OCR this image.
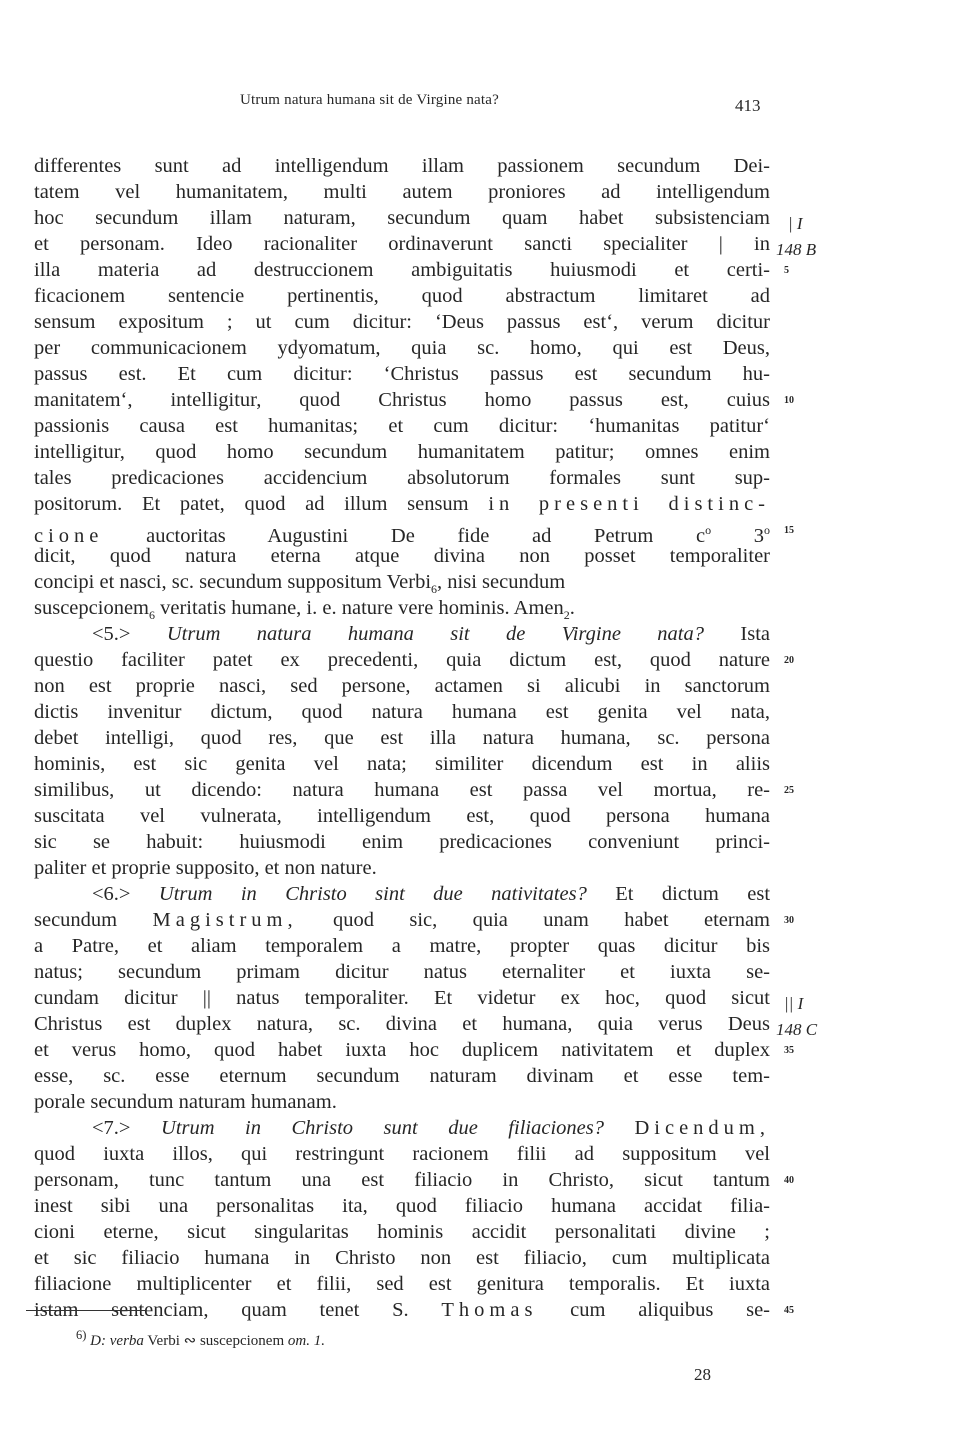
Utrum natura humana sit de Virgine nata?	413
differentes sunt ad intelligendum illam passionem secundum Dei-
tatem vel humanitatem, multi autem proniores ad intelligendum
hoc secundum illam naturam, secundum quam habet subsistenciam
et personam. Ideo racionaliter ordinaverunt sancti specialiter | in
illa materia ad destruccionem ambiguitatis huiusmodi et certi-
ficacionem sentencie pertinentis, quod abstractum limitaret ad
sensum expositum ; ut cum dicitur: ‘Deus passus est‘, verum dicitur
per communicacionem ydyomatum, quia sc. homo, qui est Deus,
passus est. Et cum dicitur: ‘Christus passus est secundum hu-
manitatem‘, intelligitur, quod Christus homo passus est, cuius
passionis causa est humanitas; et cum dicitur: ‘humanitas patitur‘
intelligitur, quod homo secundum humanitatem patitur; omnes enim
tales predicaciones accidencium absolutorum formales sunt sup-
positorum. Et patet, quod ad illum sensum in presenti distinc-
cione auctoritas Augustini De fide ad Petrum $c^o$ 3$^o$
dicit, quod natura eterna atque divina non posset temporaliter
concipi et nasci, sc. secundum suppositum Verbi$_6$, nisi secundum
suscepcionem$_6$ veritatis humane, i. e. nature vere hominis. Amen$_2$.
<5.> Utrum natura humana sit de Virgine nata? Ista
questio faciliter patet ex precedenti, quia dictum est, quod nature
non est proprie nasci, sed persone, actamen si alicubi in sanctorum
dictis invenitur dictum, quod natura humana est genita vel nata,
debet intelligi, quod res, que est illa natura humana, sc. persona
hominis, est sic genita vel nata; similiter dicendum est in aliis
similibus, ut dicendo: natura humana est passa vel mortua, re-
suscitata vel vulnerata, intelligendum est, quod persona humana
sic se habuit: huiusmodi enim predicaciones conveniunt princi-
paliter et proprie supposito, et non nature.
<6.> Utrum in Christo sint due nativitates? Et dictum est
secundum Magistrum, quod sic, quia unam habet eternam
a Patre, et aliam temporalem a matre, propter quas dicitur bis
natus; secundum primam dicitur natus eternaliter et iuxta se-
cundam dicitur || natus temporaliter. Et videtur ex hoc, quod sicut
Christus est duplex natura, sc. divina et humana, quia verus Deus
et verus homo, quod habet iuxta hoc duplicem nativitatem et duplex
esse, sc. esse eternum secundum naturam divinam et esse tem-
porale secundum naturam humanam.
<7.> Utrum in Christo sunt due filiaciones? Dicendum,
quod iuxta illos, qui restringunt racionem filii ad suppositum vel
personam, tunc tantum una est filiacio in Christo, sicut tantum
inest sibi una personalitas ita, quod filiacio humana accidat filia-
cioni eterne, sicut singularitas hominis accidit personalitati divine ;
et sic filiacio humana in Christo non est filiacio, cum multiplicata
filiacione multiplicenter et filii, sed est genitura temporalis. Et iuxta
istam sentenciam, quam tenet S. Thomas cum aliquibus se-
5
10
15
20
25
30
35
40
45
| I
148 B
|| I
148 C
$^{6)}$ D: verba Verbi ∾ suscepcionem om. 1.
28
